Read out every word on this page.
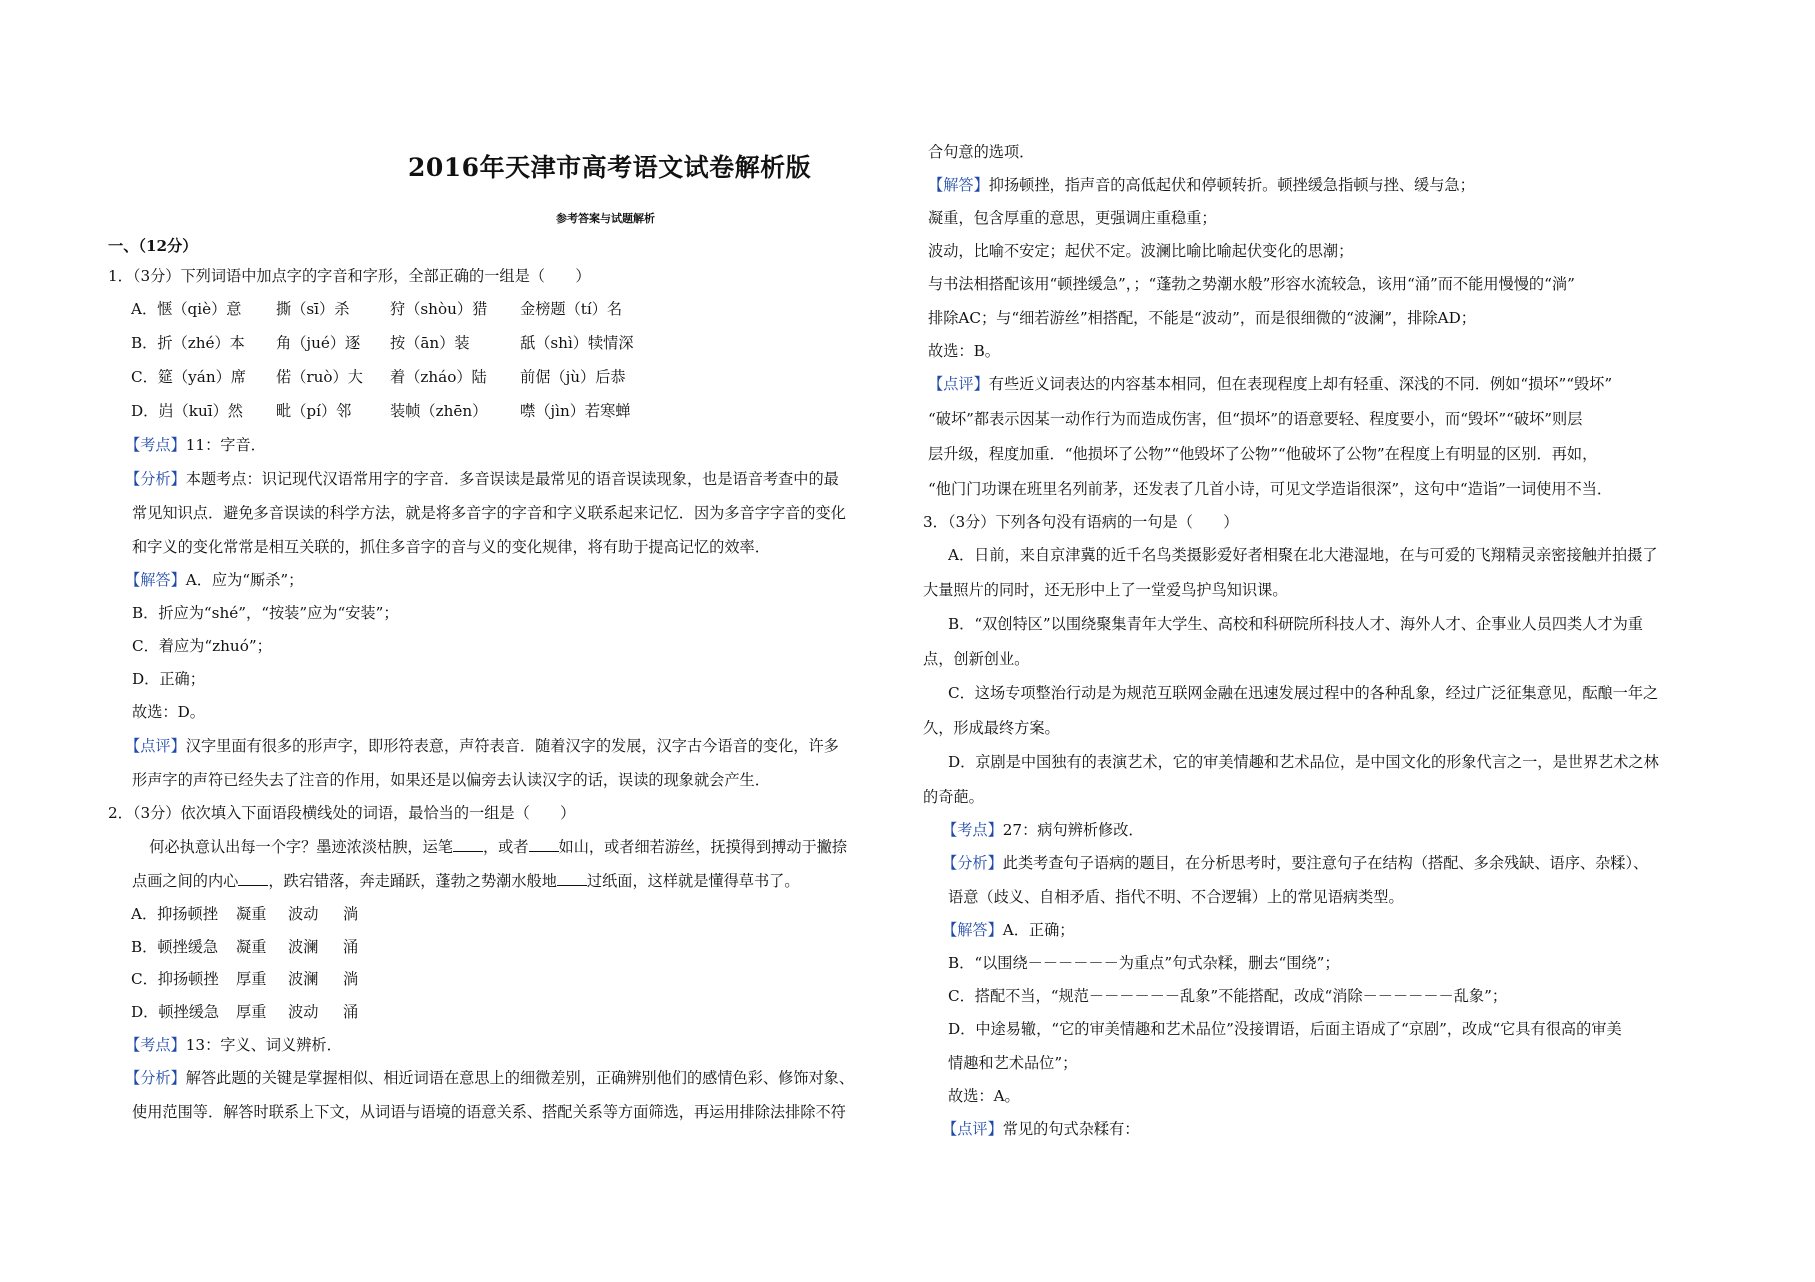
2016年天津市高考语文试卷解析版
参考答案与试题解析
一、（12分）
1．（3分）下列词语中加点字的字音和字形，全部正确的一组是（　　）
A．惬（qiè）意 撕（sī）杀	狩（shòu）猎 金榜题（tí）名
B．折（zhé）本 角（jué）逐 按（ān）装	舐（shì）犊情深
C．筵（yán）席 偌（ruò）大 着（zháo）陆 前倨（jù）后恭
D．岿（kuī）然 毗（pí）邻	装帧（zhēn） 噤（jìn）若寒蝉
【考点】11：字音．
【分析】本题考点：识记现代汉语常用字的字音．多音误读是最常见的语音误读现象，也是语音考查中的最
常见知识点．避免多音误读的科学方法，就是将多音字的字音和字义联系起来记忆．因为多音字字音的变化
和字义的变化常常是相互关联的，抓住多音字的音与义的变化规律，将有助于提高记忆的效率．
【解答】A．应为“厮杀”；
B．折应为“shé”，“按装”应为“安装”；
C．着应为“zhuó”；
D．正确；
故选：D。
【点评】汉字里面有很多的形声字，即形符表意，声符表音．随着汉字的发展，汉字古今语音的变化，许多
形声字的声符已经失去了注音的作用，如果还是以偏旁去认读汉字的话，误读的现象就会产生．
2．（3分）依次填入下面语段横线处的词语，最恰当的一组是（　　）
　何必执意认出每一个字？墨迹浓淡枯腴，运笔 ，或者 如山，或者细若游丝，抚摸得到搏动于撇捺
点画之间的内心 ，跌宕错落，奔走踊跃，蓬勃之势潮水般地 过纸面，这样就是懂得草书了。
A．抑扬顿挫 凝重 波动 淌
B．顿挫缓急 凝重 波澜 涌
C．抑扬顿挫 厚重 波澜 淌
D．顿挫缓急 厚重 波动 涌
【考点】13：字义、词义辨析．
【分析】解答此题的关键是掌握相似、相近词语在意思上的细微差别，正确辨别他们的感情色彩、修饰对象、
使用范围等．解答时联系上下文，从词语与语境的语意关系、搭配关系等方面筛选，再运用排除法排除不符
合句意的选项．
【解答】抑扬顿挫，指声音的高低起伏和停顿转折。顿挫缓急指顿与挫、缓与急；
凝重，包含厚重的意思，更强调庄重稳重；
波动，比喻不安定；起伏不定。波澜比喻比喻起伏变化的思潮；
与书法相搭配该用“顿挫缓急”，；“蓬勃之势潮水般”形容水流较急，该用“涌”而不能用慢慢的“淌”
排除AC；与“细若游丝”相搭配，不能是“波动”，而是很细微的“波澜”，排除AD；
故选：B。
【点评】有些近义词表达的内容基本相同，但在表现程度上却有轻重、深浅的不同．例如“损坏”“毁坏”
“破坏”都表示因某一动作行为而造成伤害，但“损坏”的语意要轻、程度要小，而“毁坏”“破坏”则层
层升级，程度加重．“他损坏了公物”“他毁坏了公物”“他破坏了公物”在程度上有明显的区别．再如，
“他门门功课在班里名列前茅，还发表了几首小诗，可见文学造诣很深”，这句中“造诣”一词使用不当．
3．（3分）下列各句没有语病的一句是（　　）
A．日前，来自京津冀的近千名鸟类摄影爱好者相聚在北大港湿地，在与可爱的飞翔精灵亲密接触并拍摄了
大量照片的同时，还无形中上了一堂爱鸟护鸟知识课。
B．“双创特区”以围绕聚集青年大学生、高校和科研院所科技人才、海外人才、企事业人员四类人才为重
点，创新创业。
C．这场专项整治行动是为规范互联网金融在迅速发展过程中的各种乱象，经过广泛征集意见，酝酿一年之
久，形成最终方案。
D．京剧是中国独有的表演艺术，它的审美情趣和艺术品位，是中国文化的形象代言之一，是世界艺术之林
的奇葩。
【考点】27：病句辨析修改．
【分析】此类考查句子语病的题目，在分析思考时，要注意句子在结构（搭配、多余残缺、语序、杂糅）、
语意（歧义、自相矛盾、指代不明、不合逻辑）上的常见语病类型。
【解答】A．正确；
B．“以围绕－－－－－－为重点”句式杂糅，删去“围绕”；
C．搭配不当，“规范－－－－－－乱象”不能搭配，改成“消除－－－－－－乱象”；
D．中途易辙，“它的审美情趣和艺术品位”没接谓语，后面主语成了“京剧”，改成“它具有很高的审美
情趣和艺术品位”；
故选：A。
【点评】常见的句式杂糅有：
